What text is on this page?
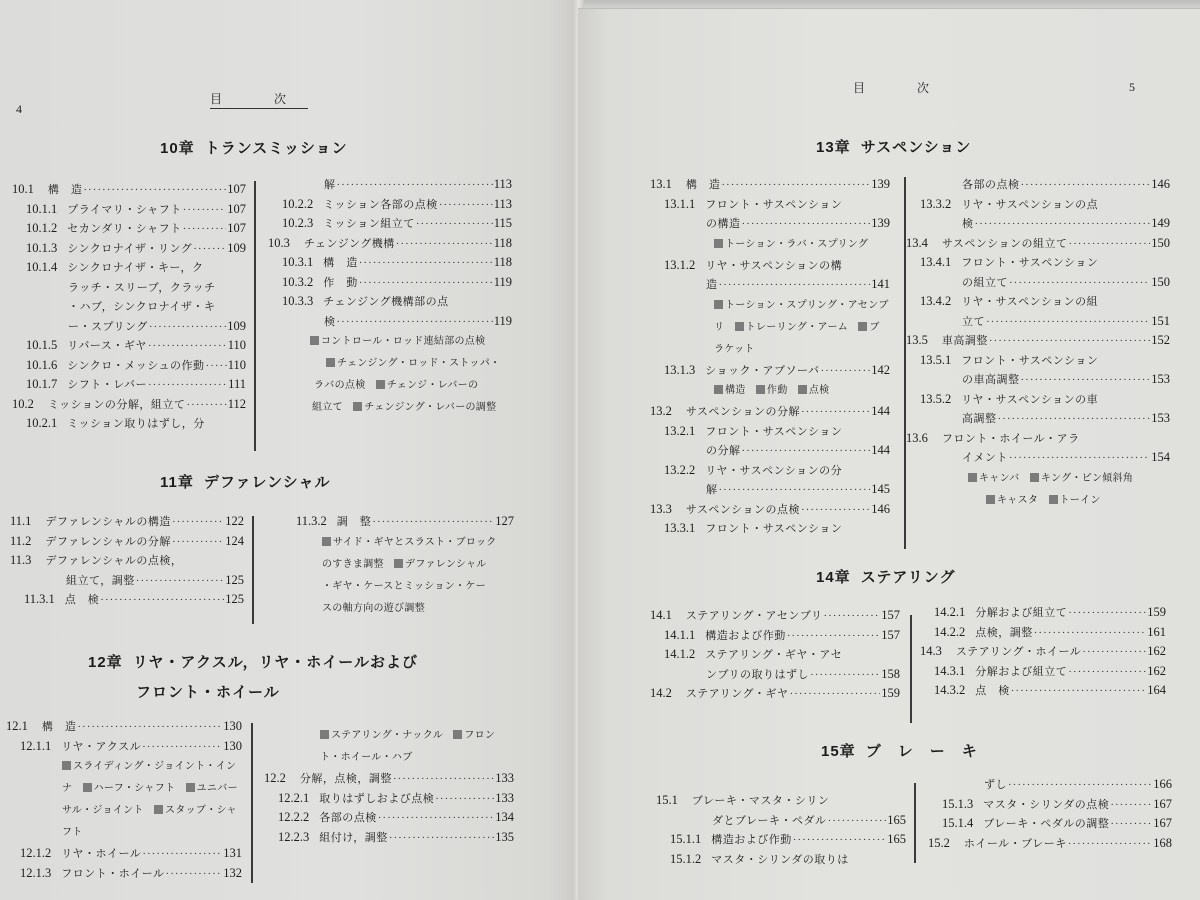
4
目	次
10章 トランスミッション
10.1 構　造 ·····	107
10.1.1 プライマリ・シャフト ·····	107
10.1.2 セカンダリ・シャフト ·····	107
10.1.3 シンクロナイザ・リング ·····	109
10.1.4 シンクロナイザ・キー，ク
ラッチ・スリーブ，クラッチ
・ハブ，シンクロナイザ・キ
ー・スプリング ·····	109
10.1.5 リバース・ギヤ ·····	110
10.1.6 シンクロ・メッシュの作動 ····· 110
10.1.7 シフト・レバー ·····	111
10.2 ミッションの分解，組立て ·····	112
10.2.1 ミッション取りはずし，分
解 ·····	113
10.2.2 ミッション各部の点検 ·····	113
10.2.3 ミッション組立て ·····	115
10.3 チェンジング機構 ·····	118
10.3.1 構　造 ·····	118
10.3.2 作　動 ·····	119
10.3.3 チェンジング機構部の点
検 ·····	119
コントロール・ロッド連結部の点検
チェンジング・ロッド・ストッパ・
ラバの点検　チェンジ・レバーの
組立て　チェンジング・レバーの調整
11章 デファレンシャル
11.1 デファレンシャルの構造 ·····	122
11.2 デファレンシャルの分解 ·····	124
11.3 デファレンシャルの点検，
組立て，調整 ·····	125
11.3.1 点　検 ·····	125
11.3.2 調　整 ·····	127
サイド・ギヤとスラスト・ブロック
のすきま調整　デファレンシャル
・ギヤ・ケースとミッション・ケー
スの軸方向の遊び調整
12章 リヤ・アクスル，リヤ・ホイールおよび
フロント・ホイール
12.1 構　造 ·····	130
12.1.1 リヤ・アクスル ·····	130
スライディング・ジョイント・イン
ナ　ハーフ・シャフト　ユニバー
サル・ジョイント　スタッブ・シャ
フト
12.1.2 リヤ・ホイール ·····	131
12.1.3 フロント・ホイール ·····	132
ステアリング・ナックル　フロン
ト・ホイール・ハブ
12.2 分解，点検，調整 ·····	133
12.2.1 取りはずしおよび点検 ·····	133
12.2.2 各部の点検 ·····	134
12.2.3 組付け，調整 ·····	135
目	次	5
13章 サスペンション
13.1 構　造 ·····	139
13.1.1 フロント・サスペンション
の構造 ·····	139
トーション・ラバ・スプリング
13.1.2 リヤ・サスペンションの構
造 ·····	141
トーション・スプリング・アセンブ
リ　トレーリング・アーム　ブ
ラケット
13.1.3 ショック・アブソーバ ·····	142
構造　作動　点検
13.2 サスペンションの分解 ·····	144
13.2.1 フロント・サスペンション
の分解 ·····	144
13.2.2 リヤ・サスペンションの分
解 ·····	145
13.3 サスペンションの点検 ·····	146
13.3.1 フロント・サスペンション
各部の点検 ·····	146
13.3.2 リヤ・サスペンションの点
検 ·····	149
13.4 サスペンションの組立て ·····	150
13.4.1 フロント・サスペンション
の組立て ·····	150
13.4.2 リヤ・サスペンションの組
立て ·····	151
13.5 車高調整 ·····	152
13.5.1 フロント・サスペンション
の車高調整 ·····	153
13.5.2 リヤ・サスペンションの車
高調整 ·····	153
13.6 フロント・ホイール・アラ
イメント ·····	154
キャンバ　キング・ピン傾斜角
キャスタ　トーイン
14章 ステアリング
14.1 ステアリング・アセンブリ ·····	157
14.1.1 構造および作動 ·····	157
14.1.2 ステアリング・ギヤ・アセ
ンブリの取りはずし ·····	158
14.2 ステアリング・ギヤ ·····	159
14.2.1 分解および組立て ·····	159
14.2.2 点検，調整 ·····	161
14.3 ステアリング・ホイール ·····	162
14.3.1 分解および組立て ·····	162
14.3.2 点　検 ·····	164
15章 ブ　レ　ー　キ
15.1 ブレーキ・マスタ・シリン
ダとブレーキ・ペダル ·····	165
15.1.1 構造および作動 ·····	165
15.1.2 マスタ・シリンダの取りは
ずし ·····	166
15.1.3 マスタ・シリンダの点検 ·····	167
15.1.4 ブレーキ・ペダルの調整 ·····	167
15.2 ホイール・ブレーキ ·····	168
